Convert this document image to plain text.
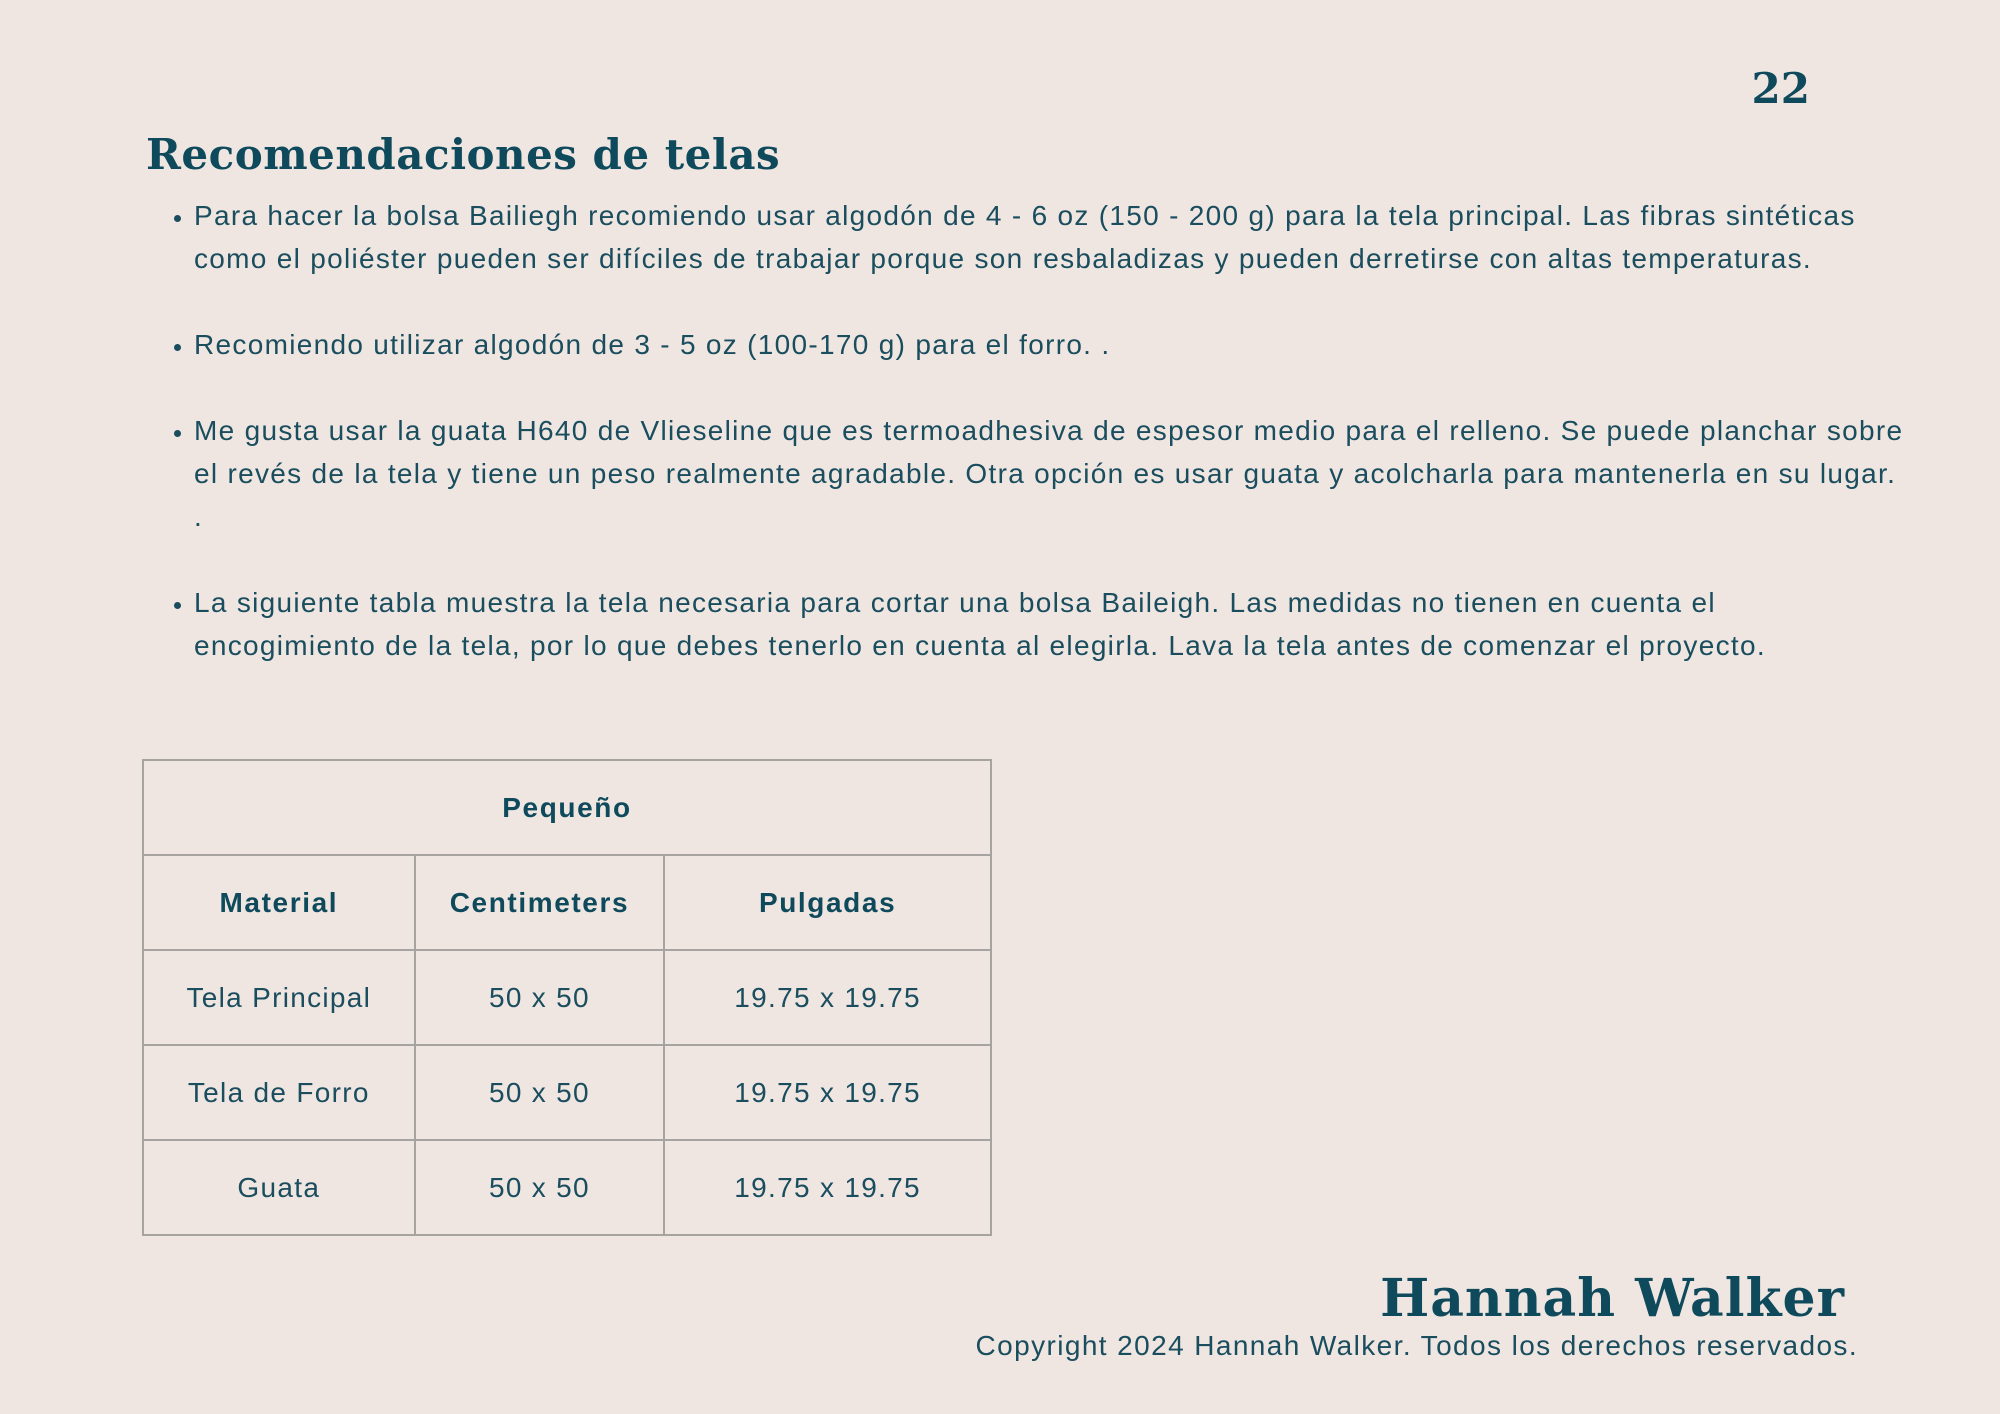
22
Recomendaciones de telas
• Para hacer la bolsa Bailiegh recomiendo usar algodón de 4 - 6 oz (150 - 200 g) para la tela principal. Las fibras sintéticas como el poliéster pueden ser difíciles de trabajar porque son resbaladizas y pueden derretirse con altas temperaturas.
• Recomiendo utilizar algodón de 3 - 5 oz (100-170 g) para el forro. .
• Me gusta usar la guata H640 de Vlieseline que es termoadhesiva de espesor medio para el relleno. Se puede planchar sobre el revés de la tela y tiene un peso realmente agradable. Otra opción es usar guata y acolcharla para mantenerla en su lugar. .
• La siguiente tabla muestra la tela necesaria para cortar una bolsa Baileigh. Las medidas no tienen en cuenta el encogimiento de la tela, por lo que debes tenerlo en cuenta al elegirla. Lava la tela antes de comenzar el proyecto.
Pequeño		
Material	Centimeters	Pulgadas
Tela Principal	50 x 50	19.75 x 19.75
Tela de Forro	50 x 50	19.75 x 19.75
Guata	50 x 50	19.75 x 19.75
Hannah Walker
Copyright 2024 Hannah Walker. Todos los derechos reservados.
